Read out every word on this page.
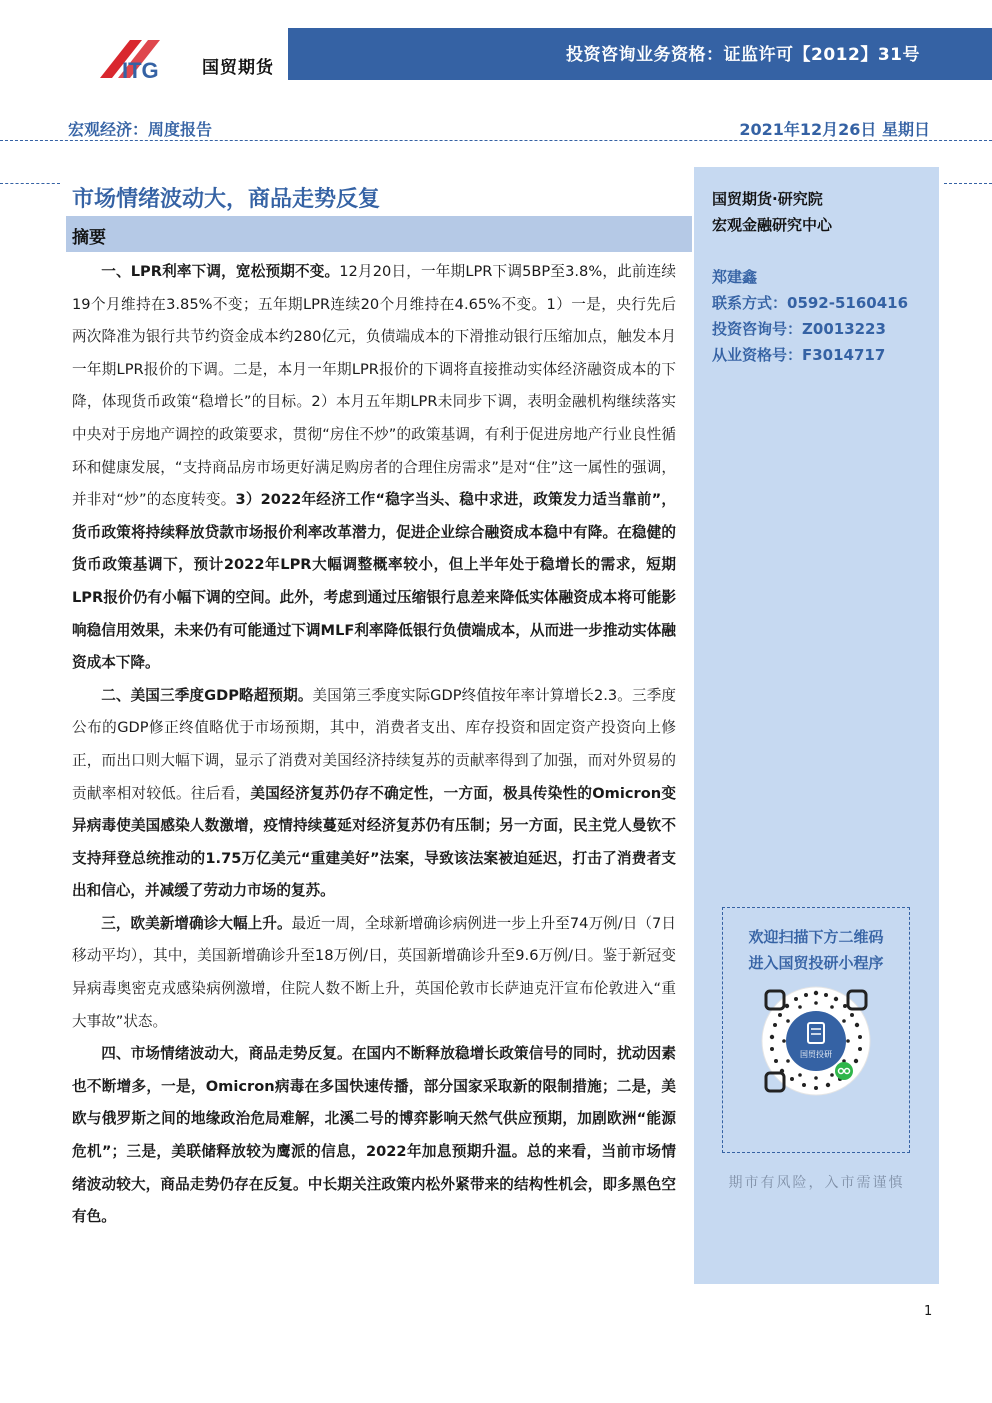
投资咨询业务资格：证监许可【2012】31号
ITG	国贸期货
宏观经济：周度报告	2021年12月26日 星期日
国贸期货·研究院
宏观金融研究中心
郑建鑫
联系方式：0592-5160416
投资咨询号：Z0013223
从业资格号：F3014717
欢迎扫描下方二维码
进入国贸投研小程序
国贸投研
期市有风险，入市需谨慎
市场情绪波动大，商品走势反复
摘要

一、LPR利率下调，宽松预期不变。12月20日，一年期LPR下调5BP至3.8%，此前连续19个月维持在3.85%不变；五年期LPR连续20个月维持在4.65%不变。1）一是，央行先后两次降准为银行共节约资金成本约280亿元，负债端成本的下滑推动银行压缩加点，触发本月一年期LPR报价的下调。二是，本月一年期LPR报价的下调将直接推动实体经济融资成本的下降，体现货币政策“稳增长”的目标。2）本月五年期LPR未同步下调，表明金融机构继续落实中央对于房地产调控的政策要求，贯彻“房住不炒”的政策基调，有利于促进房地产行业良性循环和健康发展，“支持商品房市场更好满足购房者的合理住房需求”是对“住”这一属性的强调，并非对“炒”的态度转变。3）2022年经济工作“稳字当头、稳中求进，政策发力适当靠前”，货币政策将持续释放贷款市场报价利率改革潜力，促进企业综合融资成本稳中有降。在稳健的货币政策基调下，预计2022年LPR大幅调整概率较小，但上半年处于稳增长的需求，短期LPR报价仍有小幅下调的空间。此外，考虑到通过压缩银行息差来降低实体融资成本将可能影响稳信用效果，未来仍有可能通过下调MLF利率降低银行负债端成本，从而进一步推动实体融资成本下降。

二、美国三季度GDP略超预期。美国第三季度实际GDP终值按年率计算增长2.3。三季度公布的GDP修正终值略优于市场预期，其中，消费者支出、库存投资和固定资产投资向上修正，而出口则大幅下调，显示了消费对美国经济持续复苏的贡献率得到了加强，而对外贸易的贡献率相对较低。往后看，美国经济复苏仍存不确定性，一方面，极具传染性的Omicron变异病毒使美国感染人数激增，疫情持续蔓延对经济复苏仍有压制；另一方面，民主党人曼钦不支持拜登总统推动的1.75万亿美元“重建美好”法案，导致该法案被迫延迟，打击了消费者支出和信心，并减缓了劳动力市场的复苏。

三，欧美新增确诊大幅上升。最近一周，全球新增确诊病例进一步上升至74万例/日（7日移动平均），其中，美国新增确诊升至18万例/日，英国新增确诊升至9.6万例/日。鉴于新冠变异病毒奥密克戎感染病例激增，住院人数不断上升，英国伦敦市长萨迪克汗宣布伦敦进入“重大事故”状态。

四、市场情绪波动大，商品走势反复。在国内不断释放稳增长政策信号的同时，扰动因素也不断增多，一是，Omicron病毒在多国快速传播，部分国家采取新的限制措施；二是，美欧与俄罗斯之间的地缘政治危局难解，北溪二号的博弈影响天然气供应预期，加剧欧洲“能源危机”；三是，美联储释放较为鹰派的信息，2022年加息预期升温。总的来看，当前市场情绪波动较大，商品走势仍存在反复。中长期关注政策内松外紧带来的结构性机会，即多黑色空有色。

1
